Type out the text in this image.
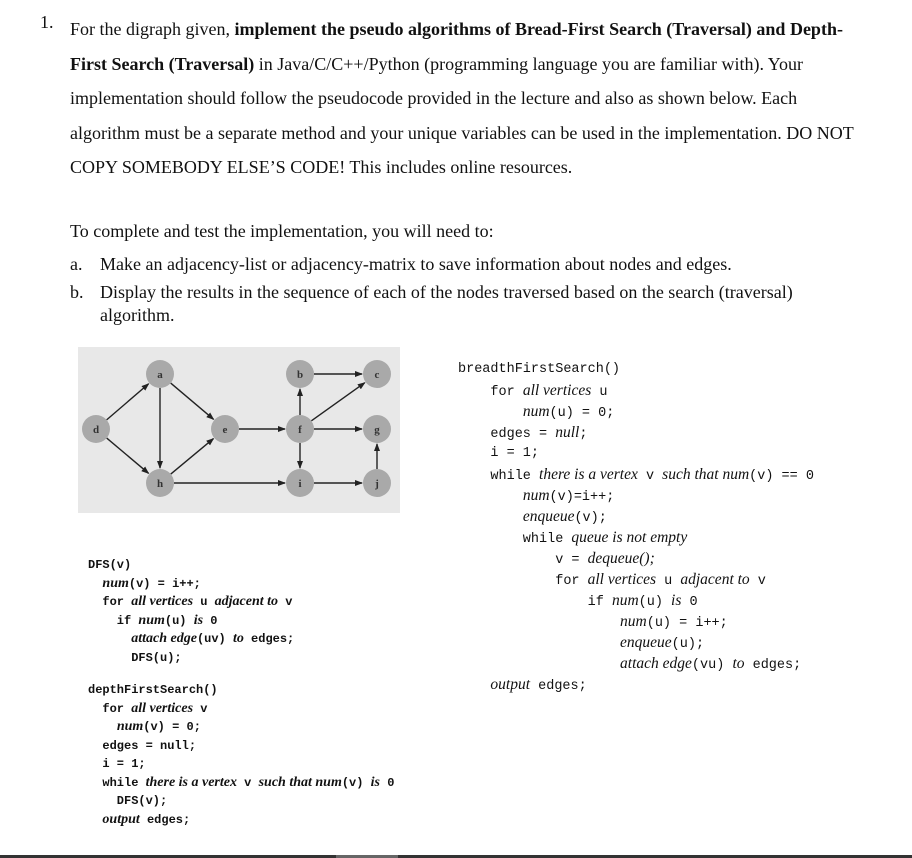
1. For the digraph given, implement the pseudo algorithms of Bread-First Search (Traversal) and Depth-First Search (Traversal) in Java/C/C++/Python (programming language you are familiar with). Your implementation should follow the pseudocode provided in the lecture and also as shown below. Each algorithm must be a separate method and your unique variables can be used in the implementation. DO NOT COPY SOMEBODY ELSE’S CODE! This includes online resources.
To complete and test the implementation, you will need to:
a. Make an adjacency-list or adjacency-matrix to save information about nodes and edges.
b. Display the results in the sequence of each of the nodes traversed based on the search (traversal) algorithm.
a	b	c
d	e	f	g
h	i	j
DFS(v)
num(v) = i++;
for all vertices u adjacent to v
if num(u) is 0
attach edge(uv) to edges;
DFS(u);
depthFirstSearch()
for all vertices v
num(v) = 0;
edges = null;
i = 1;
while there is a vertex v such that num(v) is 0
DFS(v);
output edges;
breadthFirstSearch()
for all vertices u
num(u) = 0;
edges = null;
i = 1;
while there is a vertex v such that num(v) == 0
num(v)=i++;
enqueue(v);
while queue is not empty
v = dequeue();
for all vertices u adjacent to v
if num(u) is 0
num(u) = i++;
enqueue(u);
attach edge(vu) to edges;
output edges;
